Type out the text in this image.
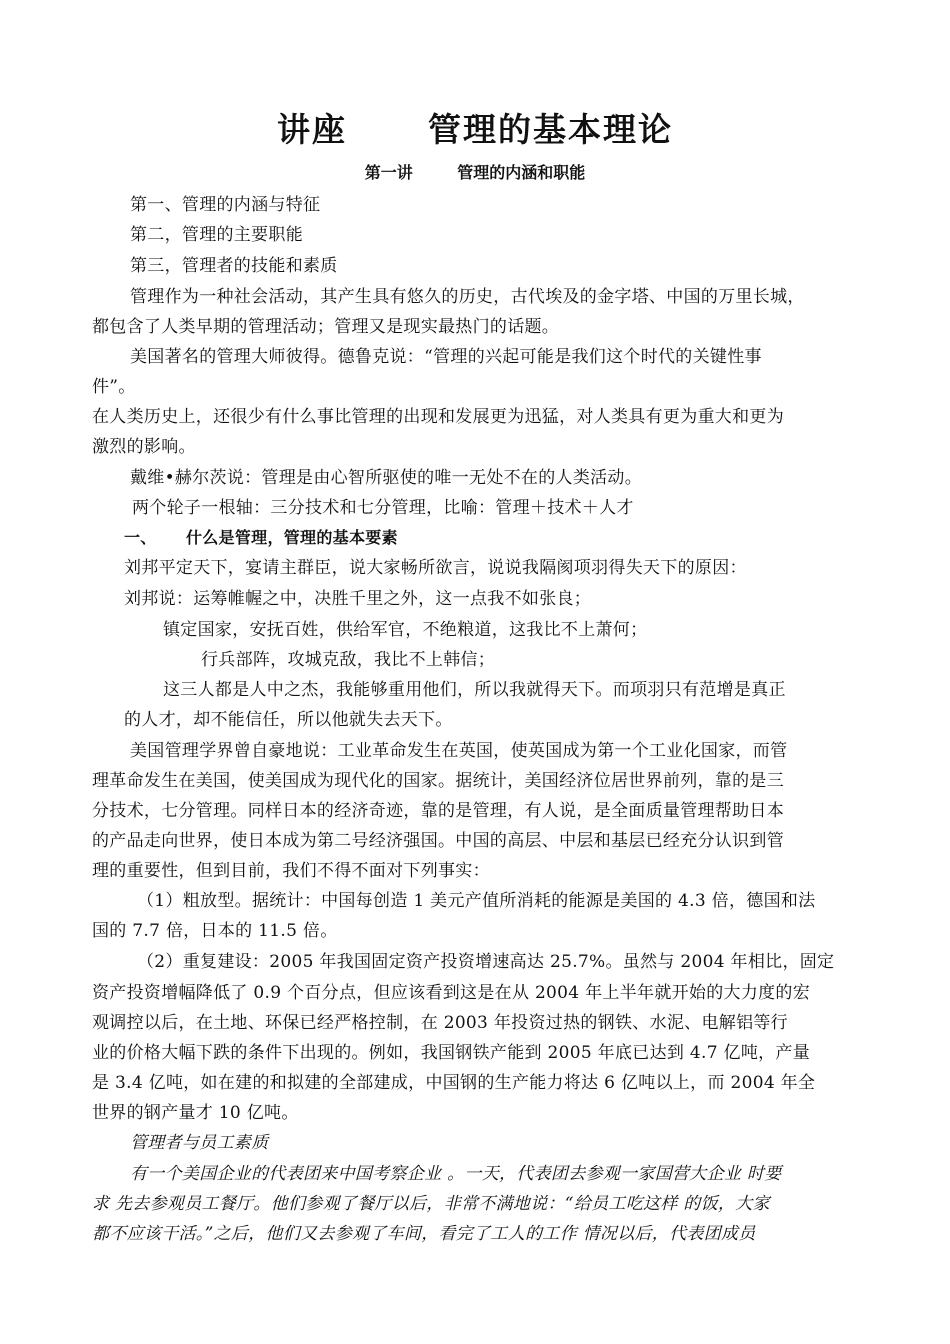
讲座      管理的基本理论
第一讲        管理的内涵和职能
第一、管理的内涵与特征
第二，管理的主要职能
第三，管理者的技能和素质
管理作为一种社会活动，其产生具有悠久的历史，古代埃及的金字塔、中国的万里长城，
都包含了人类早期的管理活动；管理又是现实最热门的话题。
美国著名的管理大师彼得。德鲁克说：“管理的兴起可能是我们这个时代的关键性事
件”。
在人类历史上，还很少有什么事比管理的出现和发展更为迅猛，对人类具有更为重大和更为
激烈的影响。
戴维•赫尔茨说：管理是由心智所驱使的唯一无处不在的人类活动。
两个轮子一根轴：三分技术和七分管理，比喻：管理＋技术＋人才
一、     什么是管理，管理的基本要素
刘邦平定天下，宴请主群臣，说大家畅所欲言，说说我隔阂项羽得失天下的原因：
刘邦说：运筹帷幄之中，决胜千里之外，这一点我不如张良；
镇定国家，安抚百姓，供给军官，不绝粮道，这我比不上萧何；
行兵部阵，攻城克敌，我比不上韩信；
这三人都是人中之杰，我能够重用他们，所以我就得天下。而项羽只有范增是真正
的人才，却不能信任，所以他就失去天下。
美国管理学界曾自豪地说：工业革命发生在英国，使英国成为第一个工业化国家，而管
理革命发生在美国，使美国成为现代化的国家。据统计，美国经济位居世界前列，靠的是三
分技术，七分管理。同样日本的经济奇迹，靠的是管理，有人说，是全面质量管理帮助日本
的产品走向世界，使日本成为第二号经济强国。中国的高层、中层和基层已经充分认识到管
理的重要性，但到目前，我们不得不面对下列事实：
（1）粗放型。据统计：中国每创造 1 美元产值所消耗的能源是美国的 4.3 倍，德国和法
国的 7.7 倍，日本的 11.5 倍。
（2）重复建设：2005 年我国固定资产投资增速高达 25.7%。虽然与 2004 年相比，固定
资产投资增幅降低了 0.9 个百分点，但应该看到这是在从 2004 年上半年就开始的大力度的宏
观调控以后，在土地、环保已经严格控制，在 2003 年投资过热的钢铁、水泥、电解铝等行
业的价格大幅下跌的条件下出现的。例如，我国钢铁产能到 2005 年底已达到 4.7 亿吨，产量
是 3.4 亿吨，如在建的和拟建的全部建成，中国钢的生产能力将达 6 亿吨以上，而 2004 年全
世界的钢产量才 10 亿吨。
管理者与员工素质
有一个美国企业的代表团来中国考察企业 。一天，代表团去参观一家国营大企业 时要
求 先去参观员工餐厅。他们参观了餐厅以后，非常不满地说：“给员工吃这样 的饭，大家
都不应该干活。”之后，他们又去参观了车间，看完了工人的工作 情况以后，代表团成员
